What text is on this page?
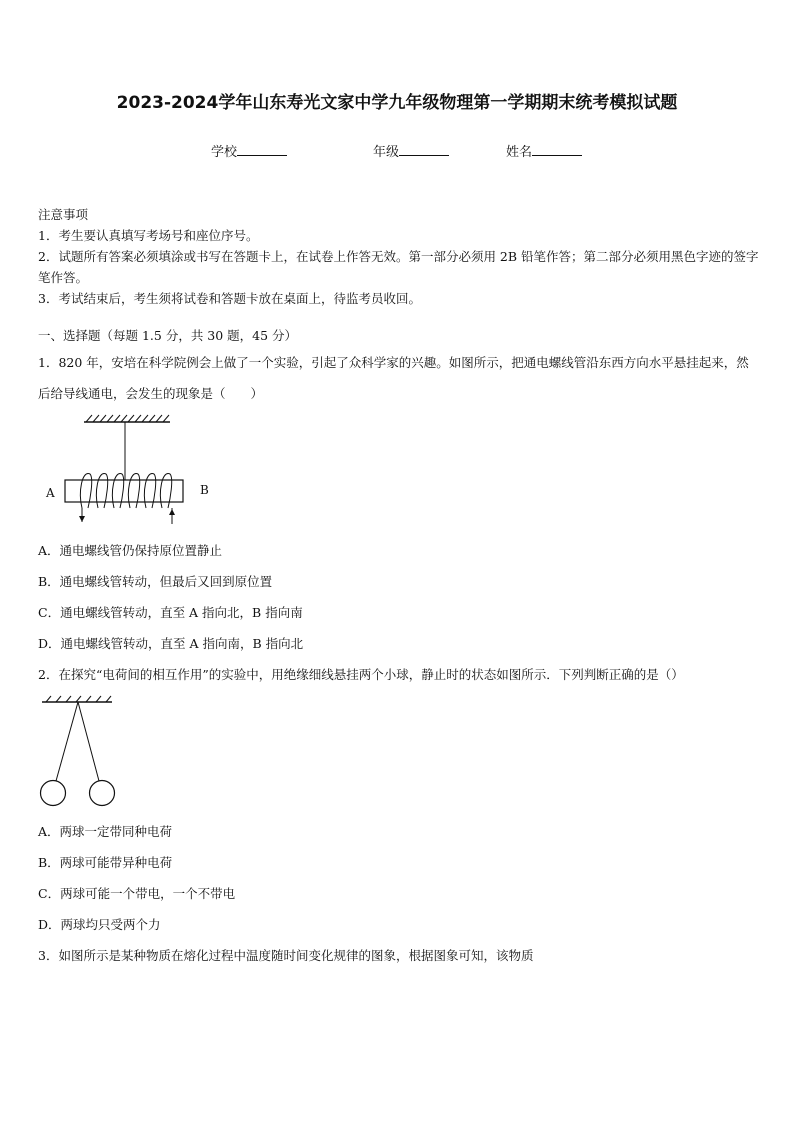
2023-2024学年山东寿光文家中学九年级物理第一学期期末统考模拟试题
学校	年级	姓名
注意事项
1．考生要认真填写考场号和座位序号。
2．试题所有答案必须填涂或书写在答题卡上，在试卷上作答无效。第一部分必须用 2B 铅笔作答；第二部分必须用黑色字迹的签字笔作答。
3．考试结束后，考生须将试卷和答题卡放在桌面上，待监考员收回。
一、选择题（每题 1.5 分，共 30 题，45 分）
1．820 年，安培在科学院例会上做了一个实验，引起了众科学家的兴趣。如图所示，把通电螺线管沿东西方向水平悬挂起来，然后给导线通电，会发生的现象是（　　）
A	B
A．通电螺线管仍保持原位置静止
B．通电螺线管转动，但最后又回到原位置
C．通电螺线管转动，直至 A 指向北，B 指向南
D．通电螺线管转动，直至 A 指向南，B 指向北
2．在探究“电荷间的相互作用”的实验中，用绝缘细线悬挂两个小球，静止时的状态如图所示．下列判断正确的是（）
A．两球一定带同种电荷
B．两球可能带异种电荷
C．两球可能一个带电，一个不带电
D．两球均只受两个力
3．如图所示是某种物质在熔化过程中温度随时间变化规律的图象，根据图象可知，该物质
